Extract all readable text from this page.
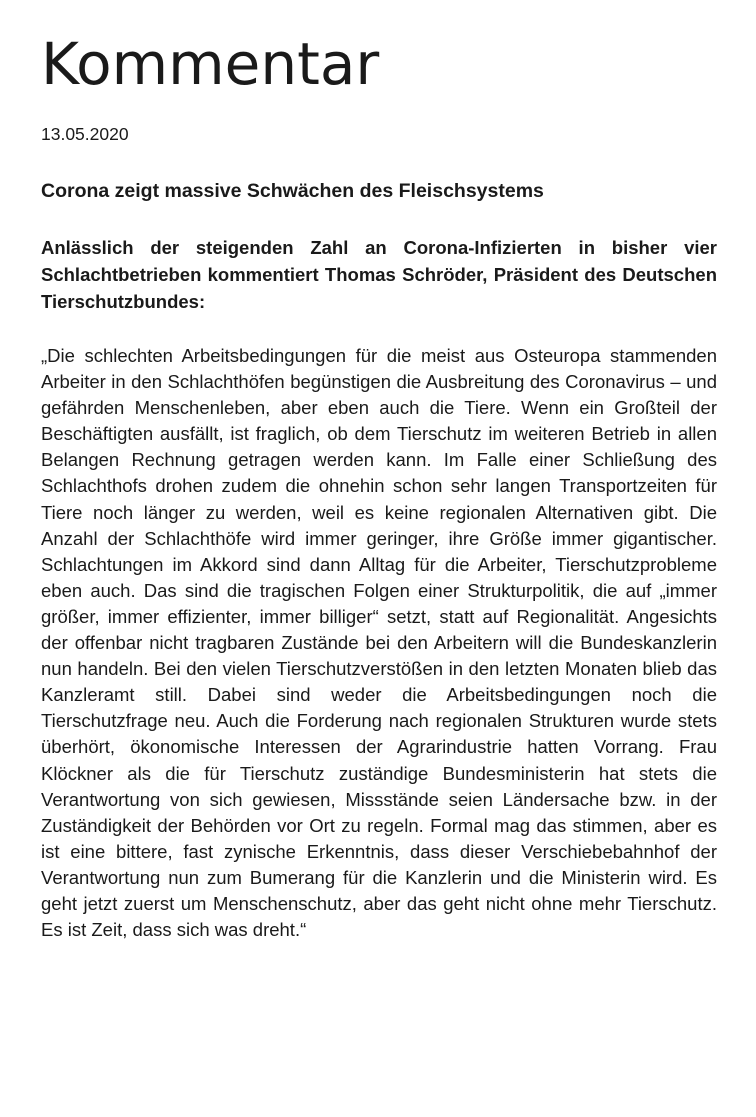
Kommentar
13.05.2020
Corona zeigt massive Schwächen des Fleischsystems
Anlässlich der steigenden Zahl an Corona-Infizierten in bisher vier Schlachtbetrieben kommentiert Thomas Schröder, Präsident des Deutschen Tierschutzbundes:
„Die schlechten Arbeitsbedingungen für die meist aus Osteuropa stammenden Arbeiter in den Schlachthöfen begünstigen die Ausbreitung des Coronavirus – und gefährden Menschenleben, aber eben auch die Tiere. Wenn ein Großteil der Beschäftigten ausfällt, ist fraglich, ob dem Tierschutz im weiteren Betrieb in allen Belangen Rechnung getragen werden kann. Im Falle einer Schließung des Schlachthofs drohen zudem die ohnehin schon sehr langen Transportzeiten für Tiere noch länger zu werden, weil es keine regionalen Alternativen gibt. Die Anzahl der Schlachthöfe wird immer geringer, ihre Größe immer gigantischer. Schlachtungen im Akkord sind dann Alltag für die Arbeiter, Tierschutzprobleme eben auch. Das sind die tragischen Folgen einer Strukturpolitik, die auf „immer größer, immer effizienter, immer billiger“ setzt, statt auf Regionalität. Angesichts der offenbar nicht tragbaren Zustände bei den Arbeitern will die Bundeskanzlerin nun handeln. Bei den vielen Tierschutzverstößen in den letzten Monaten blieb das Kanzleramt still. Dabei sind weder die Arbeitsbedingungen noch die Tierschutzfrage neu. Auch die Forderung nach regionalen Strukturen wurde stets überhört, ökonomische Interessen der Agrarindustrie hatten Vorrang. Frau Klöckner als die für Tierschutz zuständige Bundesministerin hat stets die Verantwortung von sich gewiesen, Missstände seien Ländersache bzw. in der Zuständigkeit der Behörden vor Ort zu regeln. Formal mag das stimmen, aber es ist eine bittere, fast zynische Erkenntnis, dass dieser Verschiebebahnhof der Verantwortung nun zum Bumerang für die Kanzlerin und die Ministerin wird. Es geht jetzt zuerst um Menschenschutz, aber das geht nicht ohne mehr Tierschutz. Es ist Zeit, dass sich was dreht.“
